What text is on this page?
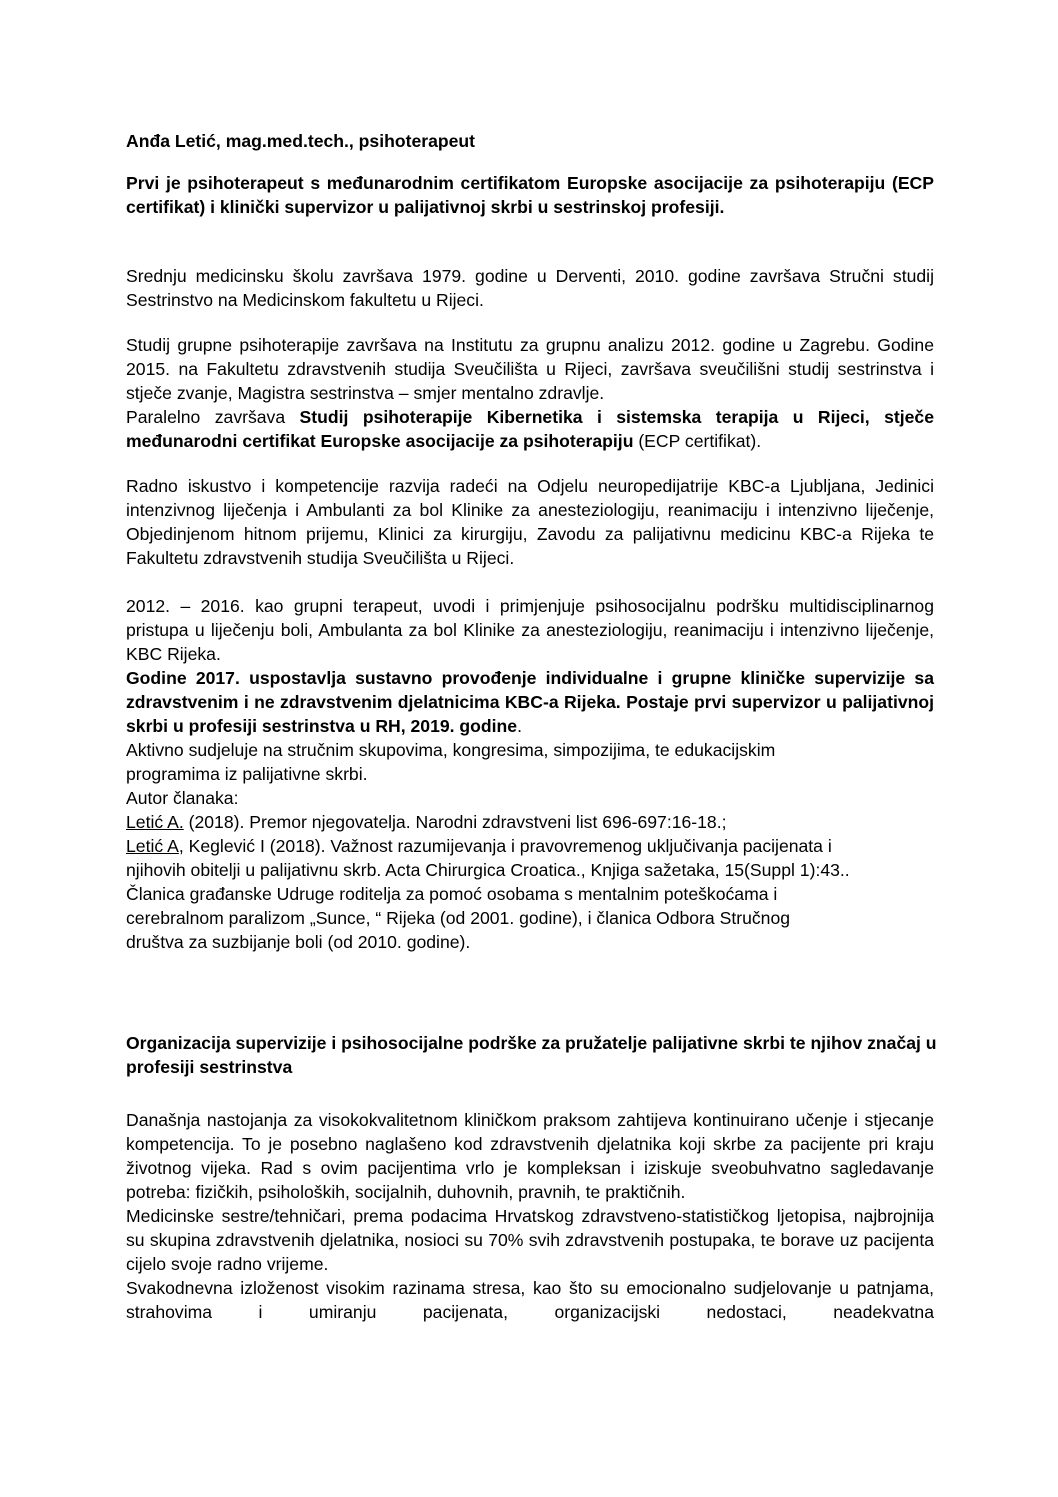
Anđa Letić, mag.med.tech., psihoterapeut
Prvi je psihoterapeut s međunarodnim certifikatom Europske asocijacije za psihoterapiju (ECP certifikat) i klinički supervizor u palijativnoj skrbi u sestrinskoj profesiji.
Srednju medicinsku školu završava 1979. godine u Derventi, 2010. godine završava Stručni studij Sestrinstvo na Medicinskom fakultetu u Rijeci.

Studij grupne psihoterapije završava na Institutu za grupnu analizu 2012. godine u Zagrebu. Godine 2015. na Fakultetu zdravstvenih studija Sveučilišta u Rijeci, završava sveučilišni studij sestrinstva i stječe zvanje, Magistra sestrinstva – smjer mentalno zdravlje.

Paralelno završava Studij psihoterapije Kibernetika i sistemska terapija u Rijeci, stječe međunarodni certifikat Europske asocijacije za psihoterapiju (ECP certifikat).

Radno iskustvo i kompetencije razvija radeći na Odjelu neuropedijatrije KBC-a Ljubljana, Jedinici intenzivnog liječenja i Ambulanti za bol Klinike za anesteziologiju, reanimaciju i intenzivno liječenje, Objedinjenom hitnom prijemu, Klinici za kirurgiju, Zavodu za palijativnu medicinu KBC-a Rijeka te Fakultetu zdravstvenih studija Sveučilišta u Rijeci.

2012. – 2016. kao grupni terapeut, uvodi i primjenjuje psihosocijalnu podršku multidisciplinarnog pristupa u liječenju boli, Ambulanta za bol Klinike za anesteziologiju, reanimaciju i intenzivno liječenje, KBC Rijeka.

Godine 2017. uspostavlja sustavno provođenje individualne i grupne kliničke supervizije sa zdravstvenim i ne zdravstvenim djelatnicima KBC-a Rijeka. Postaje prvi supervizor u palijativnoj skrbi u profesiji sestrinstva u RH, 2019. godine.

Aktivno sudjeluje na stručnim skupovima, kongresima, simpozijima, te edukacijskim

programima iz palijativne skrbi.

Autor članaka:

Letić A. (2018). Premor njegovatelja. Narodni zdravstveni list 696-697:16-18.;

Letić A, Keglević I (2018). Važnost razumijevanja i pravovremenog uključivanja pacijenata i

njihovih obitelji u palijativnu skrb. Acta Chirurgica Croatica., Knjiga sažetaka, 15(Suppl 1):43..

Članica građanske Udruge roditelja za pomoć osobama s mentalnim poteškoćama i

cerebralnom paralizom „Sunce, “ Rijeka (od 2001. godine), i članica Odbora Stručnog

društva za suzbijanje boli (od 2010. godine).

Organizacija supervizije i psihosocijalne podrške za pružatelje palijativne skrbi te njihov značaj u profesiji sestrinstva

Današnja nastojanja za visokokvalitetnom kliničkom praksom zahtijeva kontinuirano učenje i stjecanje kompetencija. To je posebno naglašeno kod zdravstvenih djelatnika koji skrbe za pacijente pri kraju životnog vijeka. Rad s ovim pacijentima vrlo je kompleksan i iziskuje sveobuhvatno sagledavanje potreba: fizičkih, psiholoških, socijalnih, duhovnih, pravnih, te praktičnih.

Medicinske sestre/tehničari, prema podacima Hrvatskog zdravstveno-statističkog ljetopisa, najbrojnija su skupina zdravstvenih djelatnika, nosioci su 70% svih zdravstvenih postupaka, te borave uz pacijenta cijelo svoje radno vrijeme.

Svakodnevna izloženost visokim razinama stresa, kao što su emocionalno sudjelovanje u patnjama, strahovima i umiranju pacijenata, organizacijski nedostaci, neadekvatna
